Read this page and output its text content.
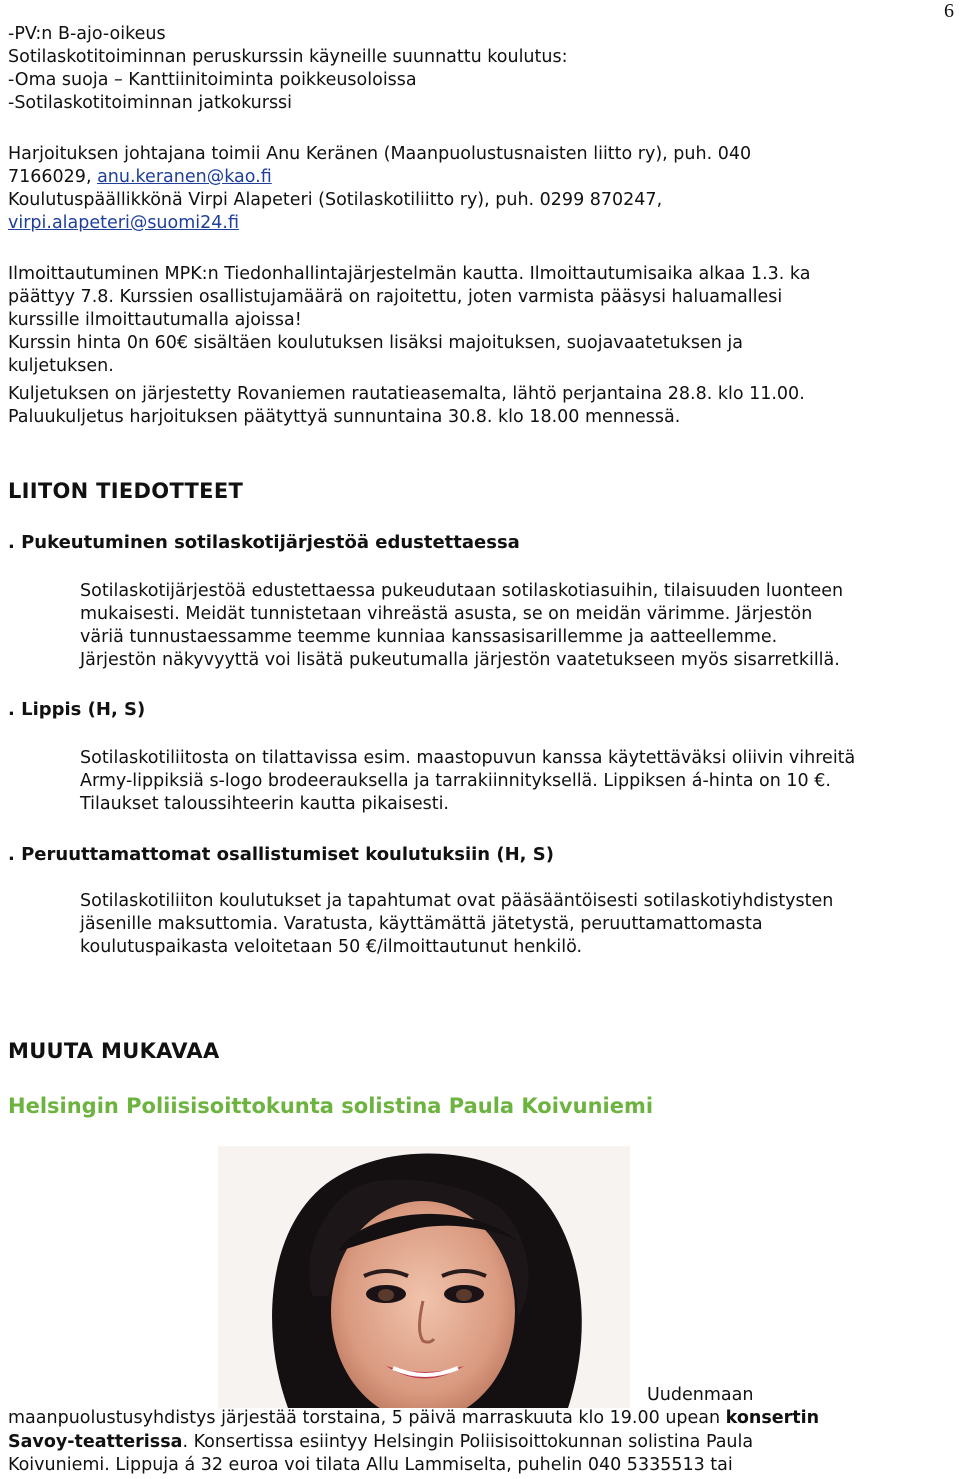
6
-PV:n B-ajo-oikeus
Sotilaskotitoiminnan peruskurssin käyneille suunnattu koulutus:
-Oma suoja – Kanttiinitoiminta poikkeusoloissa
-Sotilaskotitoiminnan jatkokurssi
Harjoituksen johtajana toimii Anu Keränen (Maanpuolustusnaisten liitto ry), puh. 040
7166029, anu.keranen@kao.fi
Koulutuspäällikkönä Virpi Alapeteri (Sotilaskotiliitto ry), puh. 0299 870247,
virpi.alapeteri@suomi24.fi
Ilmoittautuminen MPK:n Tiedonhallintajärjestelmän kautta. Ilmoittautumisaika alkaa 1.3. ka
päättyy 7.8. Kurssien osallistujamäärä on rajoitettu, joten varmista pääsysi haluamallesi
kurssille ilmoittautumalla ajoissa!
Kurssin hinta 0n 60€ sisältäen koulutuksen lisäksi majoituksen, suojavaatetuksen ja
kuljetuksen.
Kuljetuksen on järjestetty Rovaniemen rautatieasemalta, lähtö perjantaina 28.8. klo 11.00.
Paluukuljetus harjoituksen päätyttyä sunnuntaina 30.8. klo 18.00 mennessä.
LIITON TIEDOTTEET
. Pukeutuminen sotilaskotijärjestöä edustettaessa
Sotilaskotijärjestöä edustettaessa pukeudutaan sotilaskotiasuihin, tilaisuuden luonteen
mukaisesti. Meidät tunnistetaan vihreästä asusta, se on meidän värimme. Järjestön
väriä tunnustaessamme teemme kunniaa kanssasisarillemme ja aatteellemme.
Järjestön näkyvyyttä voi lisätä pukeutumalla järjestön vaatetukseen myös sisarretkillä.
. Lippis (H, S)
Sotilaskotiliitosta on tilattavissa esim. maastopuvun kanssa käytettäväksi oliivin vihreitä
Army-lippiksiä s-logo brodeerauksella ja tarrakiinnityksellä. Lippiksen á-hinta on 10 €.
Tilaukset taloussihteerin kautta pikaisesti.
. Peruuttamattomat osallistumiset koulutuksiin (H, S)
Sotilaskotiliiton koulutukset ja tapahtumat ovat pääsääntöisesti sotilaskotiyhdistysten
jäsenille maksuttomia. Varatusta, käyttämättä jätetystä, peruuttamattomasta
koulutuspaikasta veloitetaan 50 €/ilmoittautunut henkilö.
MUUTA MUKAVAA
Helsingin Poliisisoittokunta solistina Paula Koivuniemi
Uudenmaan
maanpuolustusyhdistys järjestää torstaina, 5 päivä marraskuuta klo 19.00 upean konsertin
Savoy-teatterissa. Konsertissa esiintyy Helsingin Poliisisoittokunnan solistina Paula
Koivuniemi. Lippuja á 32 euroa voi tilata Allu Lammiselta, puhelin 040 5335513 tai
